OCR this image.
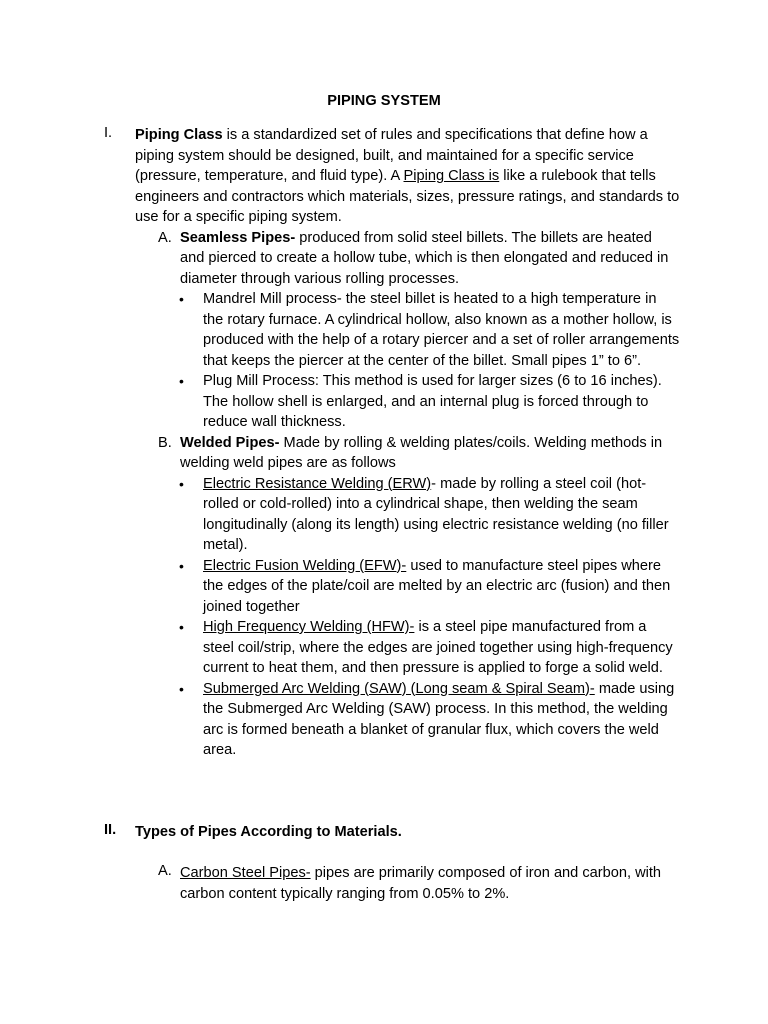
PIPING SYSTEM
I. Piping Class is a standardized set of rules and specifications that define how a piping system should be designed, built, and maintained for a specific service (pressure, temperature, and fluid type). A Piping Class is like a rulebook that tells engineers and contractors which materials, sizes, pressure ratings, and standards to use for a specific piping system.

A. Seamless Pipes- produced from solid steel billets. The billets are heated and pierced to create a hollow tube, which is then elongated and reduced in diameter through various rolling processes.

• Mandrel Mill process- the steel billet is heated to a high temperature in the rotary furnace. A cylindrical hollow, also known as a mother hollow, is produced with the help of a rotary piercer and a set of roller arrangements that keeps the piercer at the center of the billet. Small pipes 1” to 6”.
• Plug Mill Process: This method is used for larger sizes (6 to 16 inches). The hollow shell is enlarged, and an internal plug is forced through to reduce wall thickness.
B. Welded Pipes- Made by rolling & welding plates/coils. Welding methods in welding weld pipes are as follows

• Electric Resistance Welding (ERW)- made by rolling a steel coil (hot-rolled or cold-rolled) into a cylindrical shape, then welding the seam longitudinally (along its length) using electric resistance welding (no filler metal).
• Electric Fusion Welding (EFW)- used to manufacture steel pipes where the edges of the plate/coil are melted by an electric arc (fusion) and then joined together
• High Frequency Welding (HFW)- is a steel pipe manufactured from a steel coil/strip, where the edges are joined together using high-frequency current to heat them, and then pressure is applied to forge a solid weld.
• Submerged Arc Welding (SAW) (Long seam & Spiral Seam)- made using the Submerged Arc Welding (SAW) process. In this method, the welding arc is formed beneath a blanket of granular flux, which covers the weld area.
II. Types of Pipes According to Materials.

A. Carbon Steel Pipes- pipes are primarily composed of iron and carbon, with carbon content typically ranging from 0.05% to 2%.
